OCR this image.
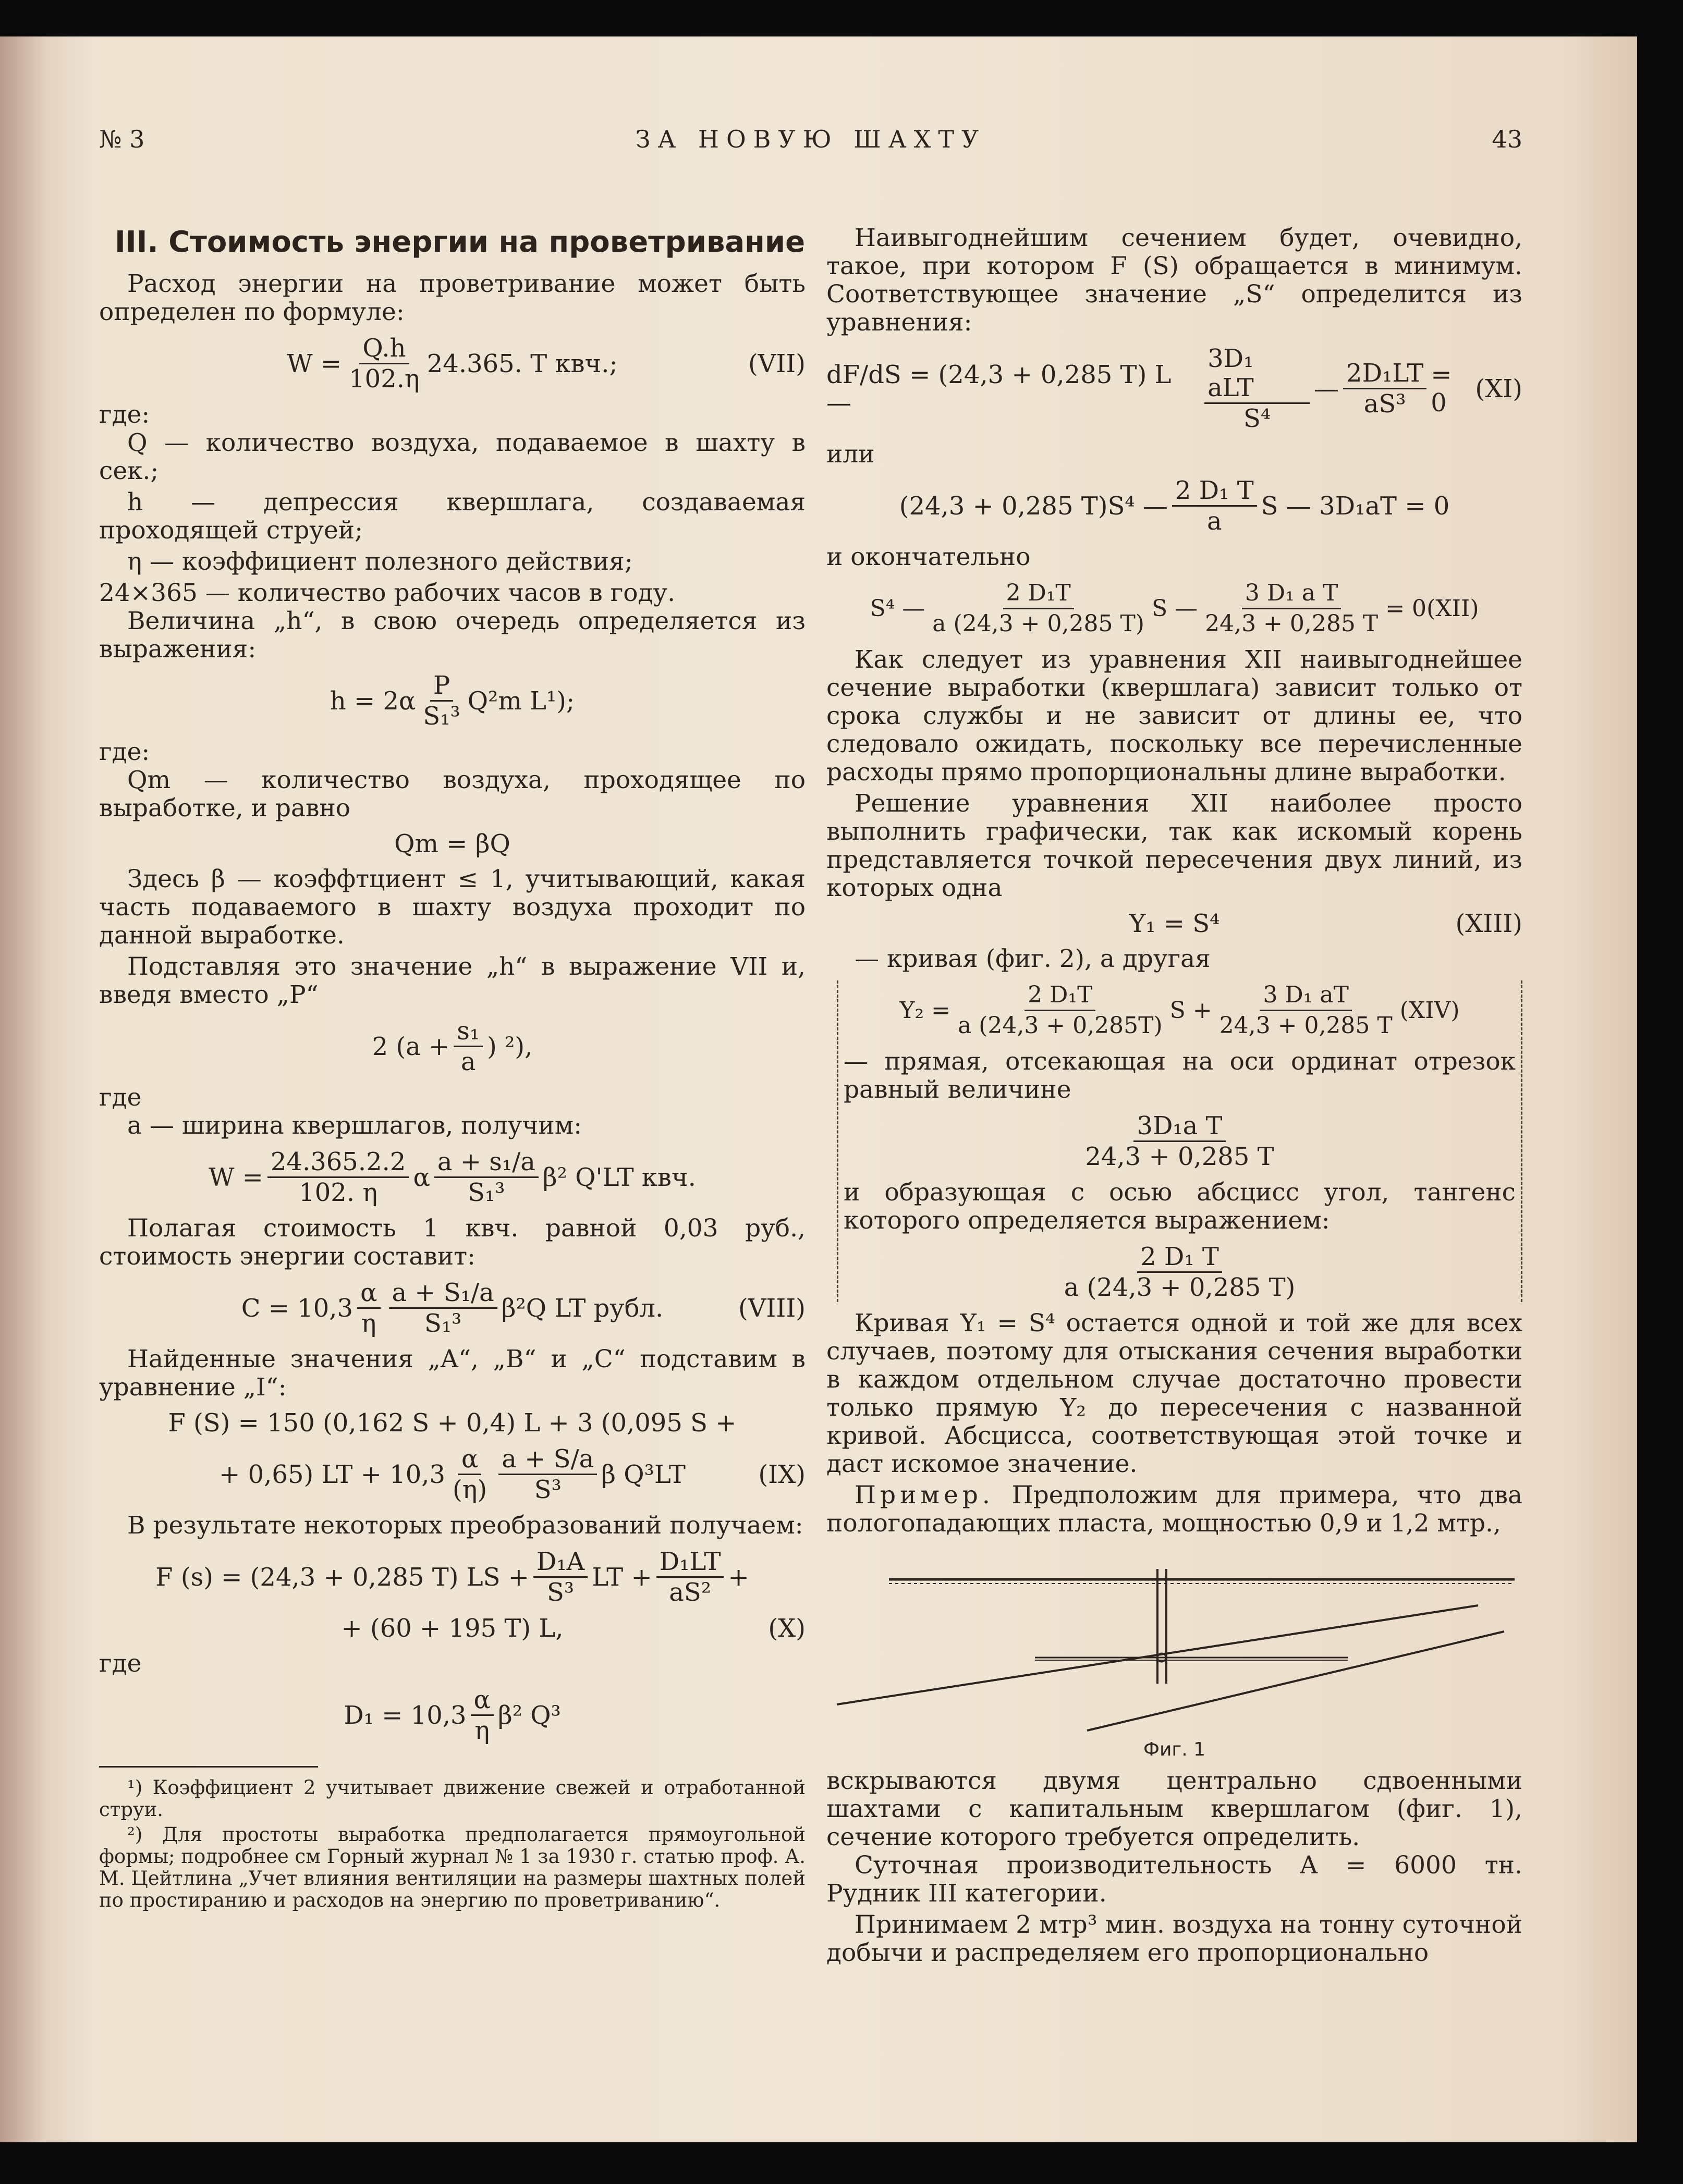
№ 3	ЗА НОВУЮ ШАХТУ	43
III. Стоимость энергии на проветривание

Расход энергии на проветривание может быть определен по формуле:

$W = \frac{Q.h}{102.\eta} 24.365$. T квч.;	(VII)

где:

Q — количество воздуха, подаваемое в шахту в сек.;

h — депрессия квершлага, создаваемая проходящей струей;

η — коэффициент полезного действия;

24×365 — количество рабочих часов в году.

Величина „h“, в свою очередь определяется из выражения:

$h = 2\alpha \frac{P}{\text{S₁³}} Q^2m$ L¹);

где:

Qm — количество воздуха, проходящее по выработке, и равно

Qm = βQ

Здесь β — коэффтциент ≤ 1, учитывающий, какая часть подаваемого в шахту воздуха проходит по данной выработке.

Подставляя это значение „h“ в выражение VII и, введя вместо „P“

2 ($a + \frac{\text{s₁}}{a}$ ) ²),

где

a — ширина квершлагов, получим:

$W = \frac{24.365.2.2}{102. \eta}$ α $\frac{\text{a + s₁/a}}{\text{S₁³}} \beta^2$ Q'LT квч.

Полагая стоимость 1 квч. равной 0,03 руб., стоимость энергии составит:

$C = 10,3 \frac{\alpha}{\eta} \frac{\text{a + S₁/a}}{\text{S₁³}} \beta^2Q$ LT рубл.	(VIII)

Найденные значения „A“, „B“ и „C“ подставим в уравнение „I“:

F (S) = 150 (0,162 S + 0,4) L + 3 (0,095 S +
+ 0,65) LT + $10,3 \frac{\alpha}{(\eta)} \frac{a + S/a}{\text{S³}}$ β Q³LT	(IX)

В результате некоторых преобразований получаем:

F (s) = (24,3 + 0,285 T) LS + $\frac{\text{D₁A}}{\text{S³}}$ LT + $\frac{\text{D₁LT}}{\text{aS²}}$ +
+ (60 + 195 T) L,	(X)

где

$D_1 = 10,3 \frac{\alpha}{\eta} \beta^2$ Q³

¹) Коэффициент 2 учитывает движение свежей и отработанной струи.

²) Для простоты выработка предполагается прямоугольной формы; подробнее см Горный журнал № 1 за 1930 г. статью проф. А. М. Цейтлина „Учет влияния вентиляции на размеры шахтных полей по простиранию и расходов на энергию по проветриванию“.

Наивыгоднейшим сечением будет, очевидно, такое, при котором F (S) обращается в минимум. Соответствующее значение „S“ определится из уравнения:

dF/dS = (24,3 + 0,285 T) L —	$\frac{\text{3D₁ aLT}}{\text{S⁴}}$ — $\frac{\text{2D₁LT}}{\text{aS³}} = 0$	(XI)

или

(24,3 + 0,285 T)S⁴ — $\frac{\text{2 D₁ T}}{a}$ S — 3D₁aT = 0

и окончательно

S⁴ — $\frac{\text{2 D₁T}}{a (24,3 + 0,285 T)}$ S — $\frac{\text{3 D₁ a T}}{24,3 + 0,285 T} = 0$ (XII)

Как следует из уравнения XII наивыгоднейшее сечение выработки (квершлага) зависит только от срока службы и не зависит от длины ее, что следовало ожидать, поскольку все перечисленные расходы прямо пропорциональны длине выработки.

Решение уравнения XII наиболее просто выполнить графически, так как искомый корень представляется точкой пересечения двух линий, из которых одна

Y₁ = S⁴	(XIII)

— кривая (фиг. 2), а другая

$Y_2 = \frac{\text{2 D₁T}}{a (24,3 + 0,285T)}$ $S + \frac{\text{3 D₁ aT}}{24,3 + 0,285 T} (XIV)$

— прямая, отсекающая на оси ординат отрезок равный величине

$\frac{\text{3D₁a T}}{24,3 + 0,285 T}$

и образующая с осью абсцисс угол, тангенс которого определяется выражением:

$\frac{\text{2 D₁ T}}{a (24,3 + 0,285 T)}$

Кривая Y₁ = S⁴ остается одной и той же для всех случаев, поэтому для отыскания сечения выработки в каждом отдельном случае достаточно провести только прямую Y₂ до пересечения с названной кривой. Абсцисса, соответствующая этой точке и даст искомое значение.

Пример. Предположим для примера, что два пологопадающих пласта, мощностью 0,9 и 1,2 мтр.,

Фиг. 1

вскрываются двумя центрально сдвоенными шахтами с капитальным квершлагом (фиг. 1), сечение которого требуется определить.

Суточная производительность A = 6000 тн. Рудник III категории.

Принимаем 2 мтр³ мин. воздуха на тонну суточной добычи и распределяем его пропорционально
